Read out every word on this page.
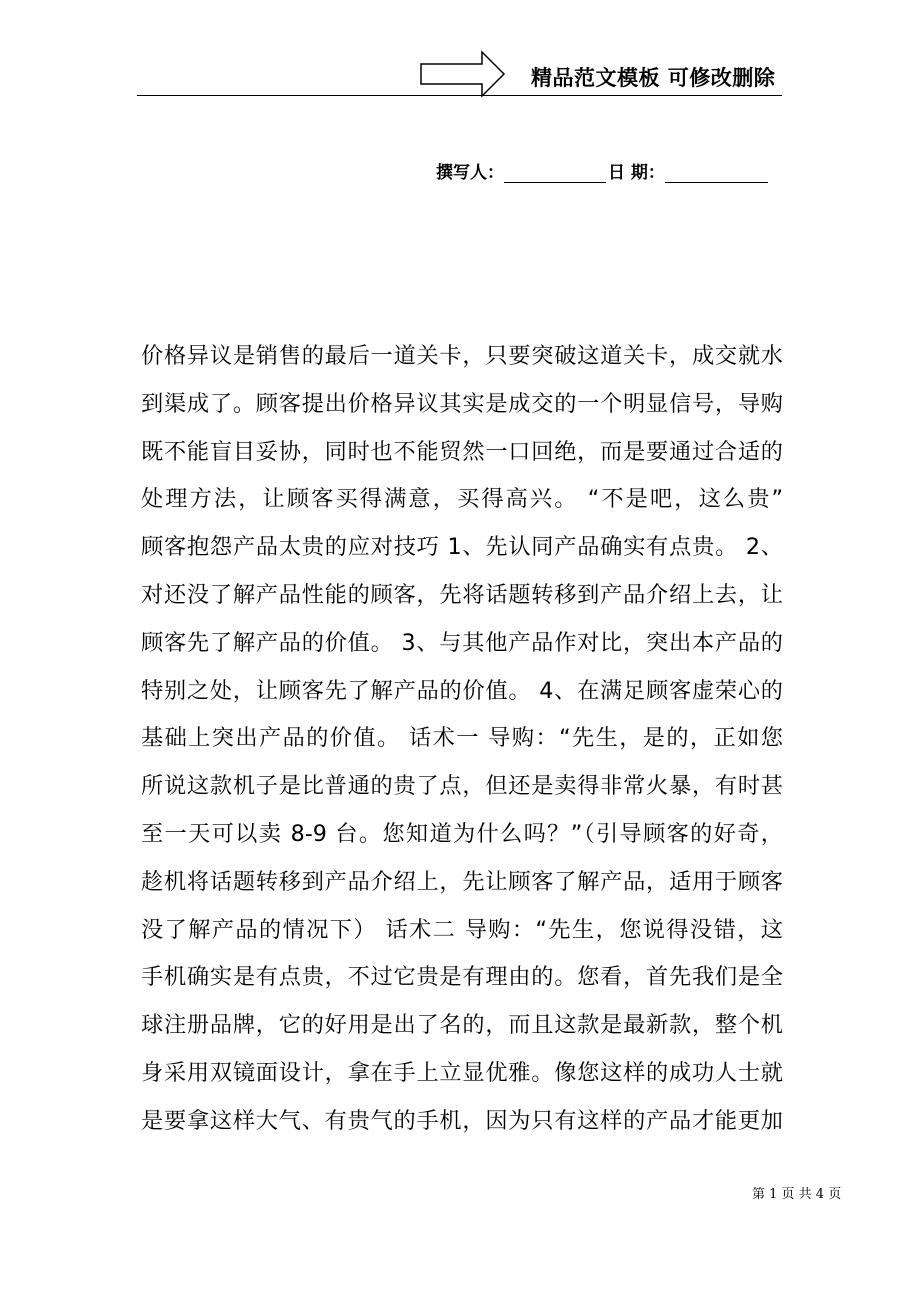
精品范文模板 可修改删除
撰写人：	日 期：
价格异议是销售的最后一道关卡，只要突破这道关卡，成交就水
到渠成了。顾客提出价格异议其实是成交的一个明显信号，导购
既不能盲目妥协，同时也不能贸然一口回绝，而是要通过合适的
处理方法，让顾客买得满意，买得高兴。 “不是吧，这么贵”
顾客抱怨产品太贵的应对技巧 1、先认同产品确实有点贵。 2、
对还没了解产品性能的顾客，先将话题转移到产品介绍上去，让
顾客先了解产品的价值。 3、与其他产品作对比，突出本产品的
特别之处，让顾客先了解产品的价值。 4、在满足顾客虚荣心的
基础上突出产品的价值。 话术一 导购：“先生，是的，正如您
所说这款机子是比普通的贵了点，但还是卖得非常火暴，有时甚
至一天可以卖 8-9 台。您知道为什么吗？”（引导顾客的好奇，
趁机将话题转移到产品介绍上，先让顾客了解产品，适用于顾客
没了解产品的情况下） 话术二 导购：“先生，您说得没错，这
手机确实是有点贵，不过它贵是有理由的。您看，首先我们是全
球注册品牌，它的好用是出了名的，而且这款是最新款，整个机
身采用双镜面设计，拿在手上立显优雅。像您这样的成功人士就
是要拿这样大气、有贵气的手机，因为只有这样的产品才能更加
第 1 页 共 4 页
